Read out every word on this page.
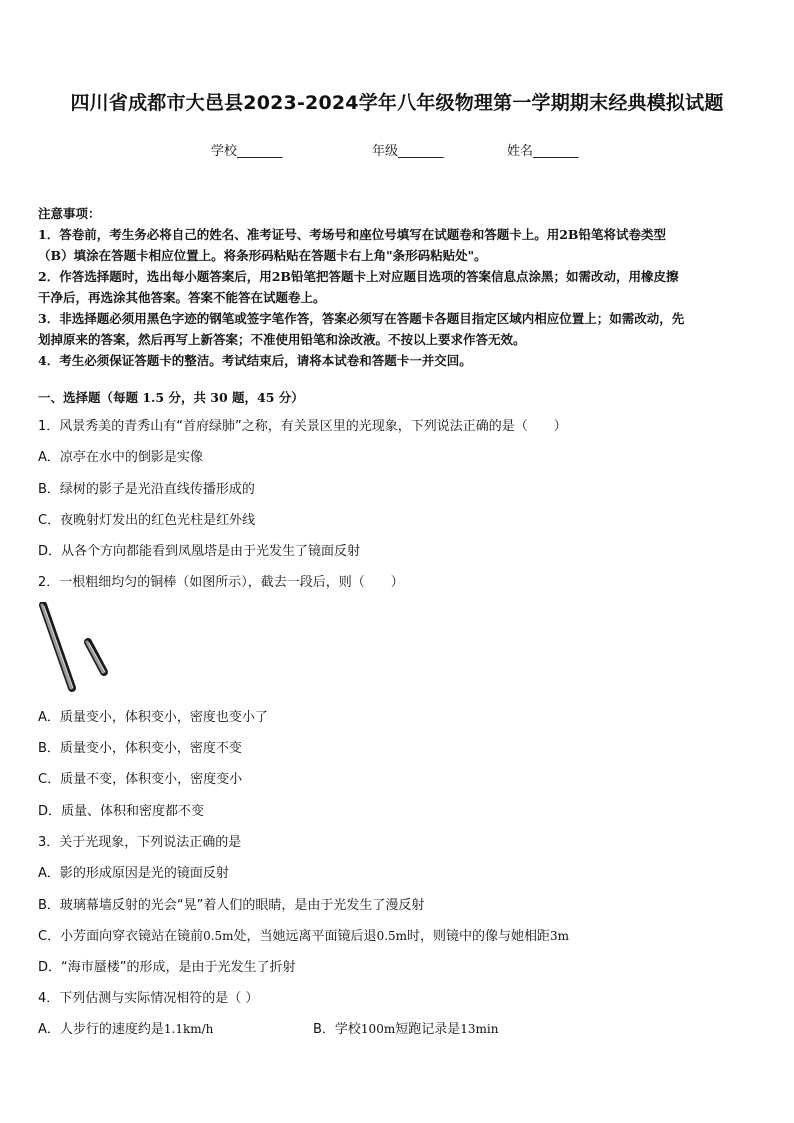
四川省成都市大邑县2023-2024学年八年级物理第一学期期末经典模拟试题
学校_______	年级_______	姓名_______

注意事项：

1．答卷前，考生务必将自己的姓名、准考证号、考场号和座位号填写在试题卷和答题卡上。用2B铅笔将试卷类型

（B）填涂在答题卡相应位置上。将条形码粘贴在答题卡右上角"条形码粘贴处"。

2．作答选择题时，选出每小题答案后，用2B铅笔把答题卡上对应题目选项的答案信息点涂黑；如需改动，用橡皮擦

干净后，再选涂其他答案。答案不能答在试题卷上。

3．非选择题必须用黑色字迹的钢笔或签字笔作答，答案必须写在答题卡各题目指定区域内相应位置上；如需改动，先

划掉原来的答案，然后再写上新答案；不准使用铅笔和涂改液。不按以上要求作答无效。

4．考生必须保证答题卡的整洁。考试结束后，请将本试卷和答题卡一并交回。

一、选择题（每题 1.5 分，共 30 题，45 分）
1．风景秀美的青秀山有“首府绿肺”之称，有关景区里的光现象，下列说法正确的是（　　）
A．凉亭在水中的倒影是实像
B．绿树的影子是光沿直线传播形成的
C．夜晚射灯发出的红色光柱是红外线
D．从各个方向都能看到凤凰塔是由于光发生了镜面反射
2．一根粗细均匀的铜棒（如图所示），截去一段后，则（　　）
A．质量变小，体积变小，密度也变小了
B．质量变小，体积变小，密度不变
C．质量不变，体积变小，密度变小
D．质量、体积和密度都不变
3．关于光现象，下列说法正确的是
A．影的形成原因是光的镜面反射
B．玻璃幕墙反射的光会“晃”着人们的眼睛，是由于光发生了漫反射
C．小芳面向穿衣镜站在镜前0.5m处，当她远离平面镜后退0.5m时，则镜中的像与她相距3m
D．“海市蜃楼”的形成，是由于光发生了折射
4．下列估测与实际情况相符的是（ ）
A．人步行的速度约是1.1km/h	B．学校100m短跑记录是13min
